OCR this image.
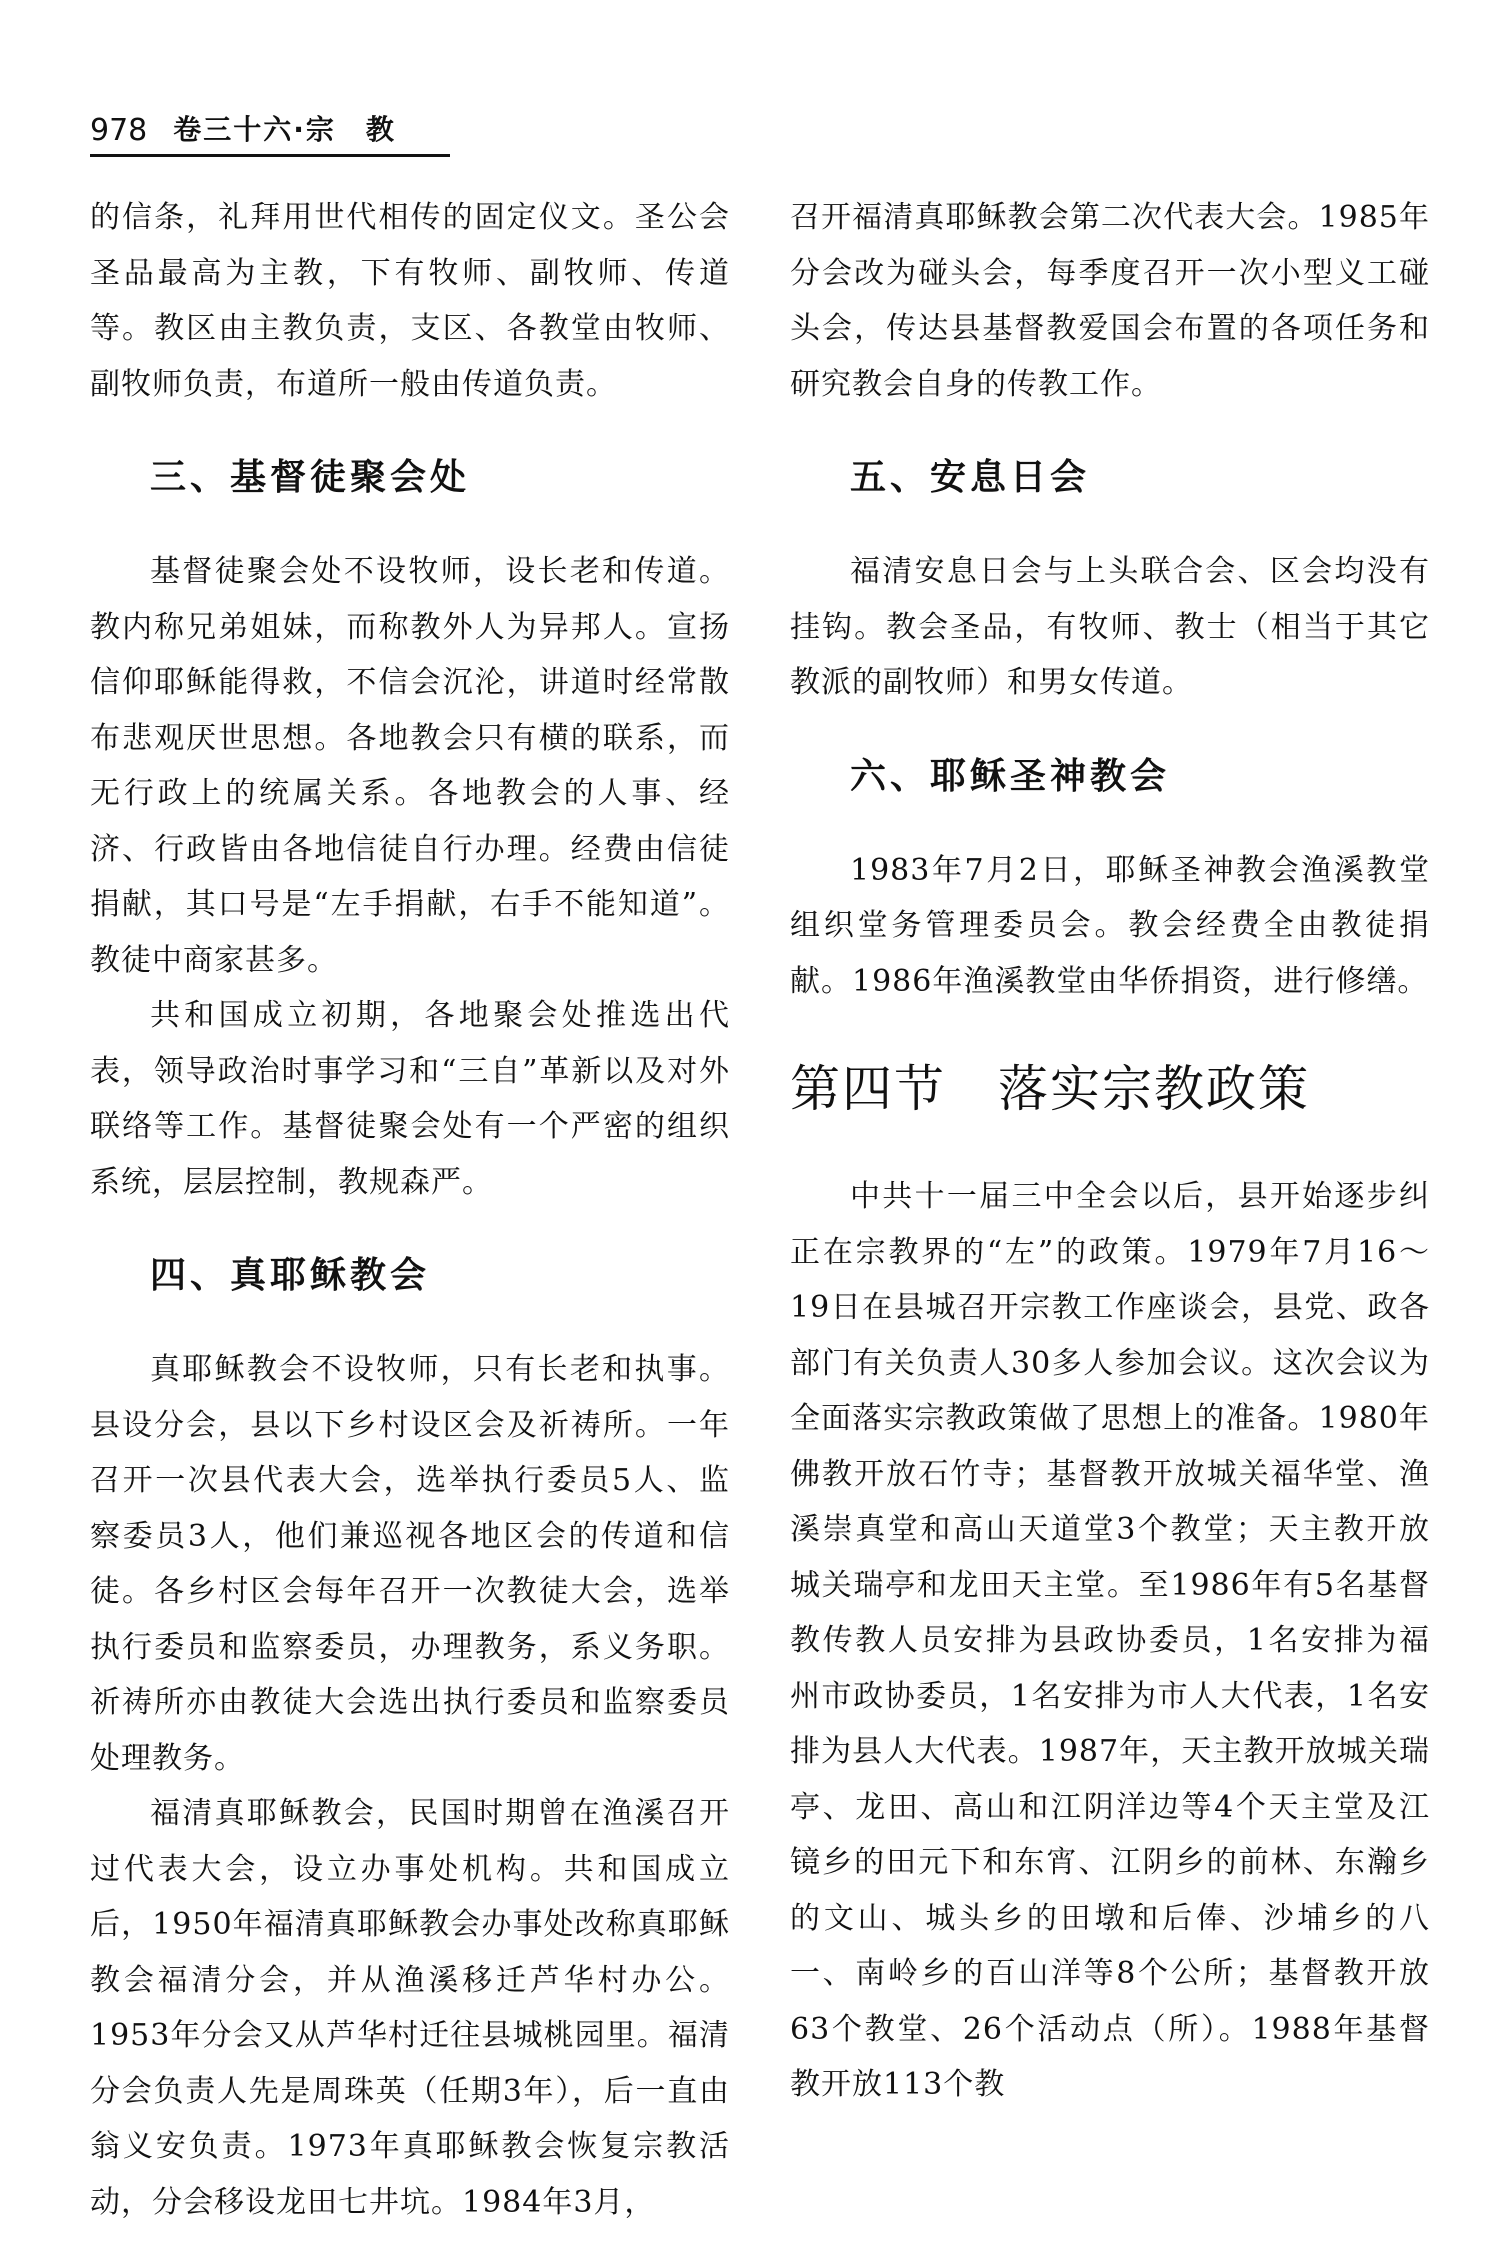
978 卷三十六·宗　教

的信条，礼拜用世代相传的固定仪文。圣公会圣品最高为主教，下有牧师、副牧师、传道等。教区由主教负责，支区、各教堂由牧师、副牧师负责，布道所一般由传道负责。

三、基督徒聚会处

基督徒聚会处不设牧师，设长老和传道。教内称兄弟姐妹，而称教外人为异邦人。宣扬信仰耶稣能得救，不信会沉沦，讲道时经常散布悲观厌世思想。各地教会只有横的联系，而无行政上的统属关系。各地教会的人事、经济、行政皆由各地信徒自行办理。经费由信徒捐献，其口号是“左手捐献，右手不能知道”。教徒中商家甚多。

共和国成立初期，各地聚会处推选出代表，领导政治时事学习和“三自”革新以及对外联络等工作。基督徒聚会处有一个严密的组织系统，层层控制，教规森严。

四、真耶稣教会

真耶稣教会不设牧师，只有长老和执事。县设分会，县以下乡村设区会及祈祷所。一年召开一次县代表大会，选举执行委员5人、监察委员3人，他们兼巡视各地区会的传道和信徒。各乡村区会每年召开一次教徒大会，选举执行委员和监察委员，办理教务，系义务职。祈祷所亦由教徒大会选出执行委员和监察委员处理教务。

福清真耶稣教会，民国时期曾在渔溪召开过代表大会，设立办事处机构。共和国成立后，1950年福清真耶稣教会办事处改称真耶稣教会福清分会，并从渔溪移迁芦华村办公。1953年分会又从芦华村迁往县城桃园里。福清分会负责人先是周珠英（任期3年），后一直由翁义安负责。1973年真耶稣教会恢复宗教活动，分会移设龙田七井坑。1984年3月，

召开福清真耶稣教会第二次代表大会。1985年分会改为碰头会，每季度召开一次小型义工碰头会，传达县基督教爱国会布置的各项任务和研究教会自身的传教工作。

五、安息日会

福清安息日会与上头联合会、区会均没有挂钩。教会圣品，有牧师、教士（相当于其它教派的副牧师）和男女传道。

六、耶稣圣神教会

1983年7月2日，耶稣圣神教会渔溪教堂组织堂务管理委员会。教会经费全由教徒捐献。1986年渔溪教堂由华侨捐资，进行修缮。

第四节　落实宗教政策

中共十一届三中全会以后，县开始逐步纠正在宗教界的“左”的政策。1979年7月16～19日在县城召开宗教工作座谈会，县党、政各部门有关负责人30多人参加会议。这次会议为全面落实宗教政策做了思想上的准备。1980年佛教开放石竹寺；基督教开放城关福华堂、渔溪崇真堂和高山天道堂3个教堂；天主教开放城关瑞亭和龙田天主堂。至1986年有5名基督教传教人员安排为县政协委员，1名安排为福州市政协委员，1名安排为市人大代表，1名安排为县人大代表。1987年，天主教开放城关瑞亭、龙田、高山和江阴洋边等4个天主堂及江镜乡的田元下和东宵、江阴乡的前林、东瀚乡的文山、城头乡的田墩和后俸、沙埔乡的八一、南岭乡的百山洋等8个公所；基督教开放63个教堂、26个活动点（所）。1988年基督教开放113个教
